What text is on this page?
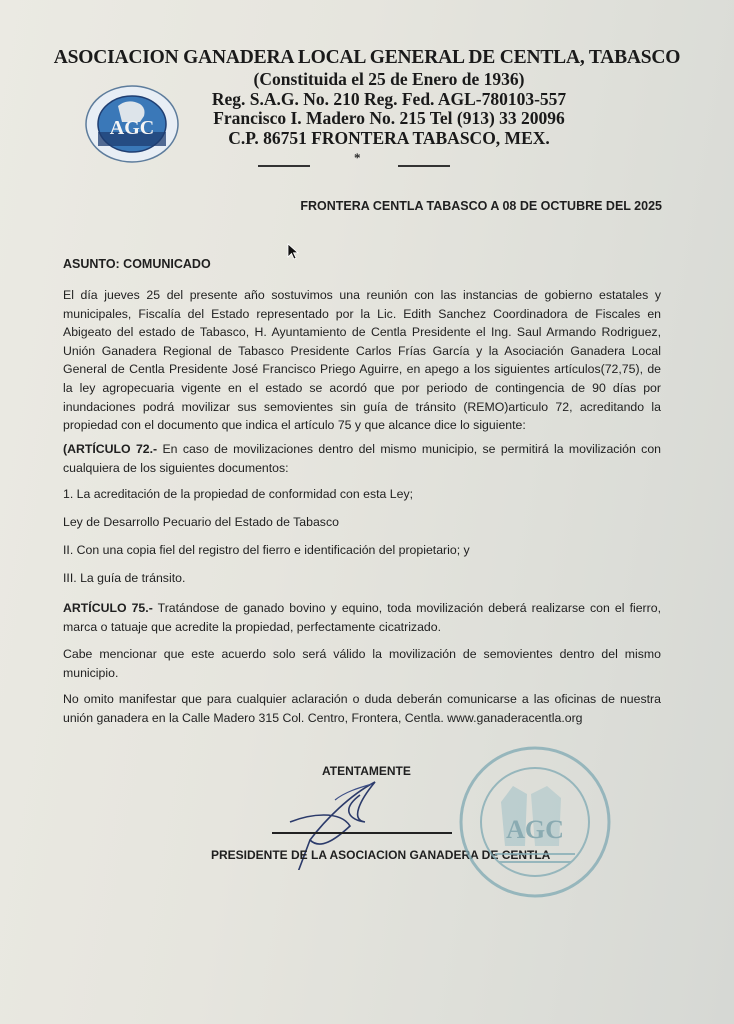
ASOCIACION GANADERA LOCAL GENERAL DE CENTLA, TABASCO
(Constituida el 25 de Enero de 1936)
Reg. S.A.G. No. 210 Reg. Fed. AGL-780103-557
Francisco I. Madero No. 215 Tel (913) 33 20096
C.P. 86751 FRONTERA TABASCO, MEX.
AGC
*
FRONTERA CENTLA TABASCO A 08 DE OCTUBRE DEL 2025
ASUNTO: COMUNICADO
El día jueves 25 del presente año sostuvimos una reunión con las instancias de gobierno estatales y municipales, Fiscalía del Estado representado por la Lic. Edith Sanchez Coordinadora de Fiscales en Abigeato del estado de Tabasco, H. Ayuntamiento de Centla Presidente el Ing. Saul Armando Rodriguez, Unión Ganadera Regional de Tabasco Presidente Carlos Frías García y la Asociación Ganadera Local General de Centla Presidente José Francisco Priego Aguirre, en apego a los siguientes artículos(72,75), de la ley agropecuaria vigente en el estado se acordó que por periodo de contingencia de 90 días por inundaciones podrá movilizar sus semovientes sin guía de tránsito (REMO)articulo 72, acreditando la propiedad con el documento que indica el artículo 75 y que alcance dice lo siguiente:
(ARTÍCULO 72.- En caso de movilizaciones dentro del mismo municipio, se permitirá la movilización con cualquiera de los siguientes documentos:
1. La acreditación de la propiedad de conformidad con esta Ley;
Ley de Desarrollo Pecuario del Estado de Tabasco
II. Con una copia fiel del registro del fierro e identificación del propietario; y
III. La guía de tránsito.
ARTÍCULO 75.- Tratándose de ganado bovino y equino, toda movilización deberá realizarse con el fierro, marca o tatuaje que acredite la propiedad, perfectamente cicatrizado.
Cabe mencionar que este acuerdo solo será válido la movilización de semovientes dentro del mismo municipio.
No omito manifestar que para cualquier aclaración o duda deberán comunicarse a las oficinas de nuestra unión ganadera en la Calle Madero 315 Col. Centro, Frontera, Centla. www.ganaderacentla.org
ATENTAMENTE
PRESIDENTE DE LA ASOCIACION GANADERA DE CENTLA
AGC
